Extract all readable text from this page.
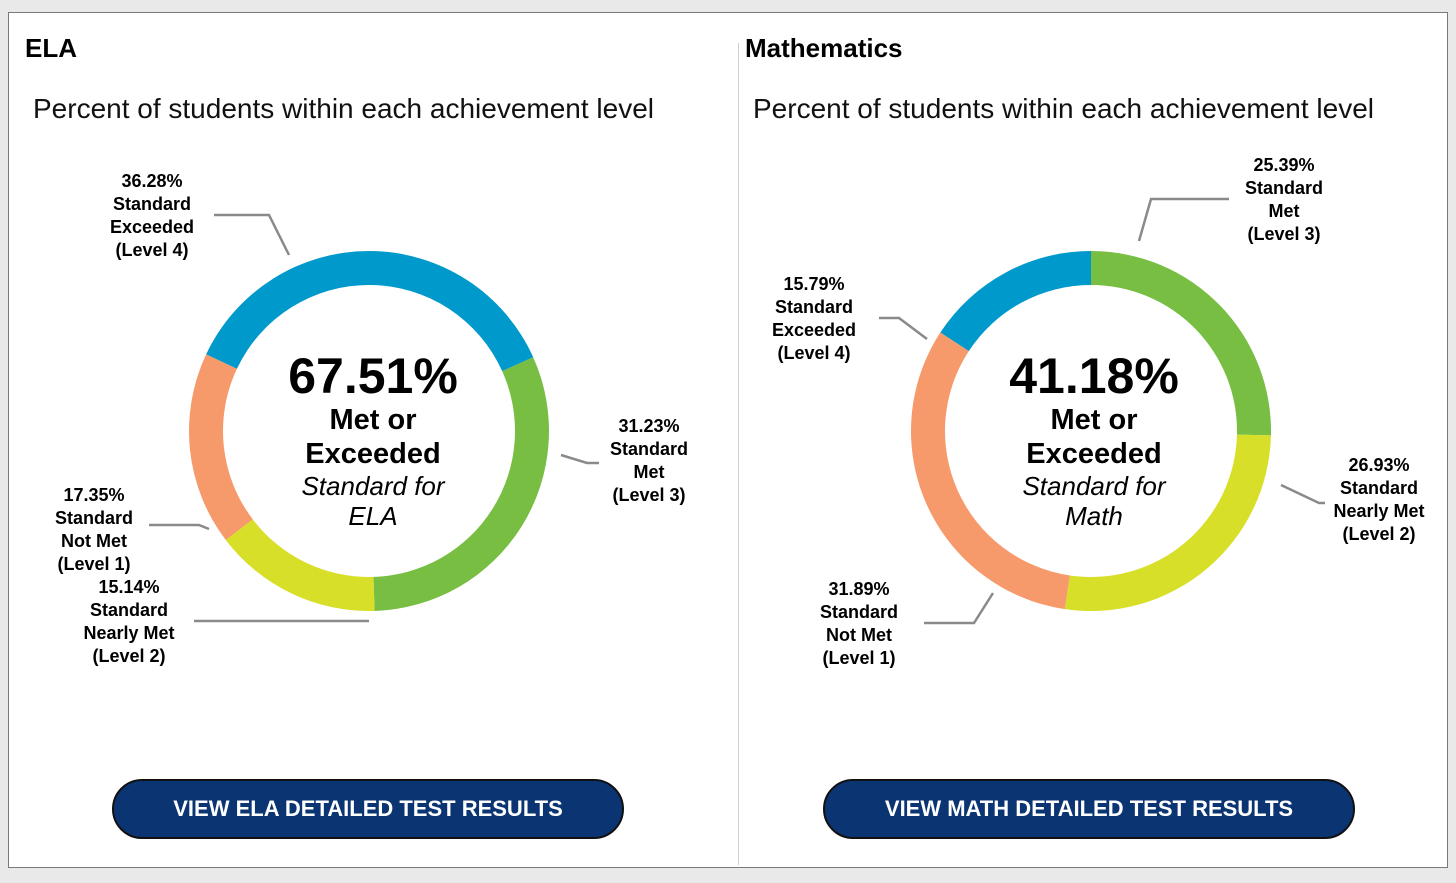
ELA
Percent of students within each achievement level
67.51%
Met or
Exceeded
Standard for
ELA
36.28%
Standard
Exceeded
(Level 4)
31.23%
Standard
Met
(Level 3)
17.35%
Standard
Not Met
(Level 1)
15.14%
Standard
Nearly Met
(Level 2)
VIEW ELA DETAILED TEST RESULTS
Mathematics
Percent of students within each achievement level
41.18%
Met or
Exceeded
Standard for
Math
25.39%
Standard
Met
(Level 3)
15.79%
Standard
Exceeded
(Level 4)
26.93%
Standard
Nearly Met
(Level 2)
31.89%
Standard
Not Met
(Level 1)
VIEW MATH DETAILED TEST RESULTS
